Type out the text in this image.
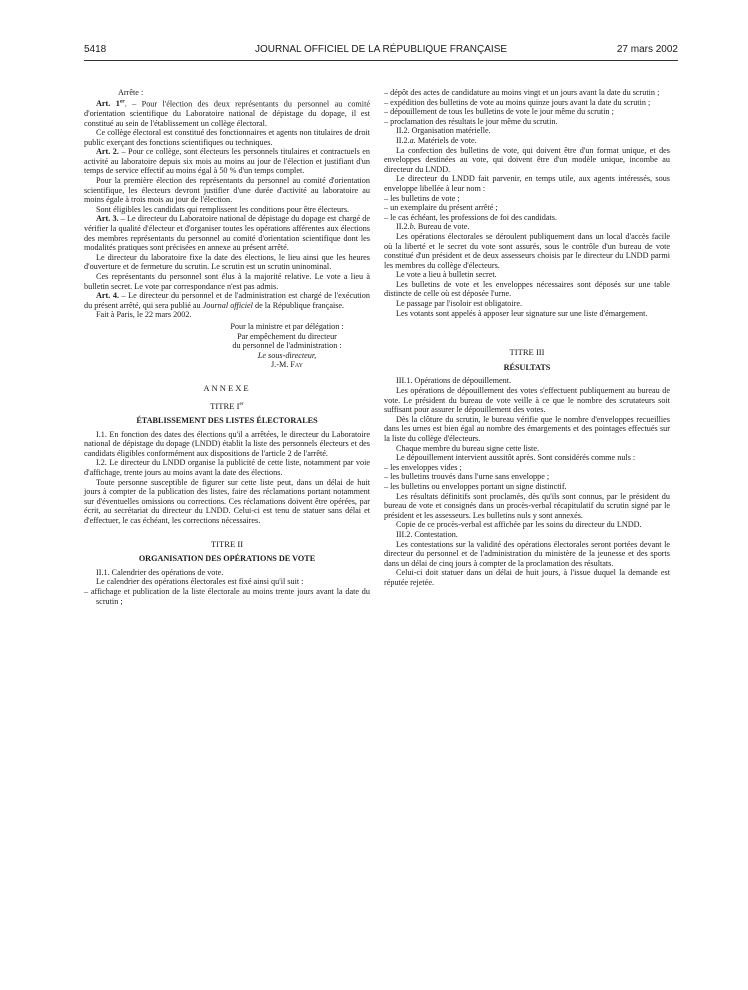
5418	JOURNAL OFFICIEL DE LA RÉPUBLIQUE FRANÇAISE	27 mars 2002

Arrête :

Art. 1er. – Pour l'élection des deux représentants du personnel au comité d'orientation scientifique du Laboratoire national de dépistage du dopage, il est constitué au sein de l'établissement un collège électoral.

Ce collège électoral est constitué des fonctionnaires et agents non titulaires de droit public exerçant des fonctions scientifiques ou techniques.

Art. 2. – Pour ce collège, sont électeurs les personnels titulaires et contractuels en activité au laboratoire depuis six mois au moins au jour de l'élection et justifiant d'un temps de service effectif au moins égal à 50 % d'un temps complet.

Pour la première élection des représentants du personnel au comité d'orientation scientifique, les électeurs devront justifier d'une durée d'activité au laboratoire au moins égale à trois mois au jour de l'élection.

Sont éligibles les candidats qui remplissent les conditions pour être électeurs.

Art. 3. – Le directeur du Laboratoire national de dépistage du dopage est chargé de vérifier la qualité d'électeur et d'organiser toutes les opérations afférentes aux élections des membres représentants du personnel au comité d'orientation scientifique dont les modalités pratiques sont précisées en annexe au présent arrêté.

Le directeur du laboratoire fixe la date des élections, le lieu ainsi que les heures d'ouverture et de fermeture du scrutin. Le scrutin est un scrutin uninominal.

Ces représentants du personnel sont élus à la majorité relative. Le vote a lieu à bulletin secret. Le vote par correspondance n'est pas admis.

Art. 4. – Le directeur du personnel et de l'administration est chargé de l'exécution du présent arrêté, qui sera publié au Journal officiel de la République française.

Fait à Paris, le 22 mars 2002.

Pour la ministre et par délégation :
Par empêchement du directeur
du personnel de l'administration :
Le sous-directeur,
J.-M. Fay

ANNEXE

TITRE Ier

ÉTABLISSEMENT DES LISTES ÉLECTORALES

I.1. En fonction des dates des élections qu'il a arrêtées, le directeur du Laboratoire national de dépistage du dopage (LNDD) établit la liste des personnels électeurs et des candidats éligibles conformément aux dispositions de l'article 2 de l'arrêté.

I.2. Le directeur du LNDD organise la publicité de cette liste, notamment par voie d'affichage, trente jours au moins avant la date des élections.

Toute personne susceptible de figurer sur cette liste peut, dans un délai de huit jours à compter de la publication des listes, faire des réclamations portant notamment sur d'éventuelles omissions ou corrections. Ces réclamations doivent être opérées, par écrit, au secrétariat du directeur du LNDD. Celui-ci est tenu de statuer sans délai et d'effectuer, le cas échéant, les corrections nécessaires.

TITRE II

ORGANISATION DES OPÉRATIONS DE VOTE

II.1. Calendrier des opérations de vote.

Le calendrier des opérations électorales est fixé ainsi qu'il suit :

– affichage et publication de la liste électorale au moins trente jours avant la date du scrutin ;

– dépôt des actes de candidature au moins vingt et un jours avant la date du scrutin ;

– expédition des bulletins de vote au moins quinze jours avant la date du scrutin ;

– dépouillement de tous les bulletins de vote le jour même du scrutin ;

– proclamation des résultats le jour même du scrutin.

II.2. Organisation matérielle.

II.2.a. Matériels de vote.

La confection des bulletins de vote, qui doivent être d'un format unique, et des enveloppes destinées au vote, qui doivent être d'un modèle unique, incombe au directeur du LNDD.

Le directeur du LNDD fait parvenir, en temps utile, aux agents intéressés, sous enveloppe libellée à leur nom :

– les bulletins de vote ;

– un exemplaire du présent arrêté ;

– le cas échéant, les professions de foi des candidats.

II.2.b. Bureau de vote.

Les opérations électorales se déroulent publiquement dans un local d'accès facile où la liberté et le secret du vote sont assurés, sous le contrôle d'un bureau de vote constitué d'un président et de deux assesseurs choisis par le directeur du LNDD parmi les membres du collège d'électeurs.

Le vote a lieu à bulletin secret.

Les bulletins de vote et les enveloppes nécessaires sont déposés sur une table distincte de celle où est déposée l'urne.

Le passage par l'isoloir est obligatoire.

Les votants sont appelés à apposer leur signature sur une liste d'émargement.

TITRE III

RÉSULTATS

III.1. Opérations de dépouillement.

Les opérations de dépouillement des votes s'effectuent publiquement au bureau de vote. Le président du bureau de vote veille à ce que le nombre des scrutateurs soit suffisant pour assurer le dépouillement des votes.

Dès la clôture du scrutin, le bureau vérifie que le nombre d'enveloppes recueillies dans les urnes est bien égal au nombre des émargements et des pointages effectués sur la liste du collège d'électeurs.

Chaque membre du bureau signe cette liste.

Le dépouillement intervient aussitôt après. Sont considérés comme nuls :

– les enveloppes vides ;

– les bulletins trouvés dans l'urne sans enveloppe ;

– les bulletins ou enveloppes portant un signe distinctif.

Les résultats définitifs sont proclamés, dès qu'ils sont connus, par le président du bureau de vote et consignés dans un procès-verbal récapitulatif du scrutin signé par le président et les assesseurs. Les bulletins nuls y sont annexés.

Copie de ce procès-verbal est affichée par les soins du directeur du LNDD.

III.2. Contestation.

Les contestations sur la validité des opérations électorales seront portées devant le directeur du personnel et de l'administration du ministère de la jeunesse et des sports dans un délai de cinq jours à compter de la proclamation des résultats.

Celui-ci doit statuer dans un délai de huit jours, à l'issue duquel la demande est réputée rejetée.
